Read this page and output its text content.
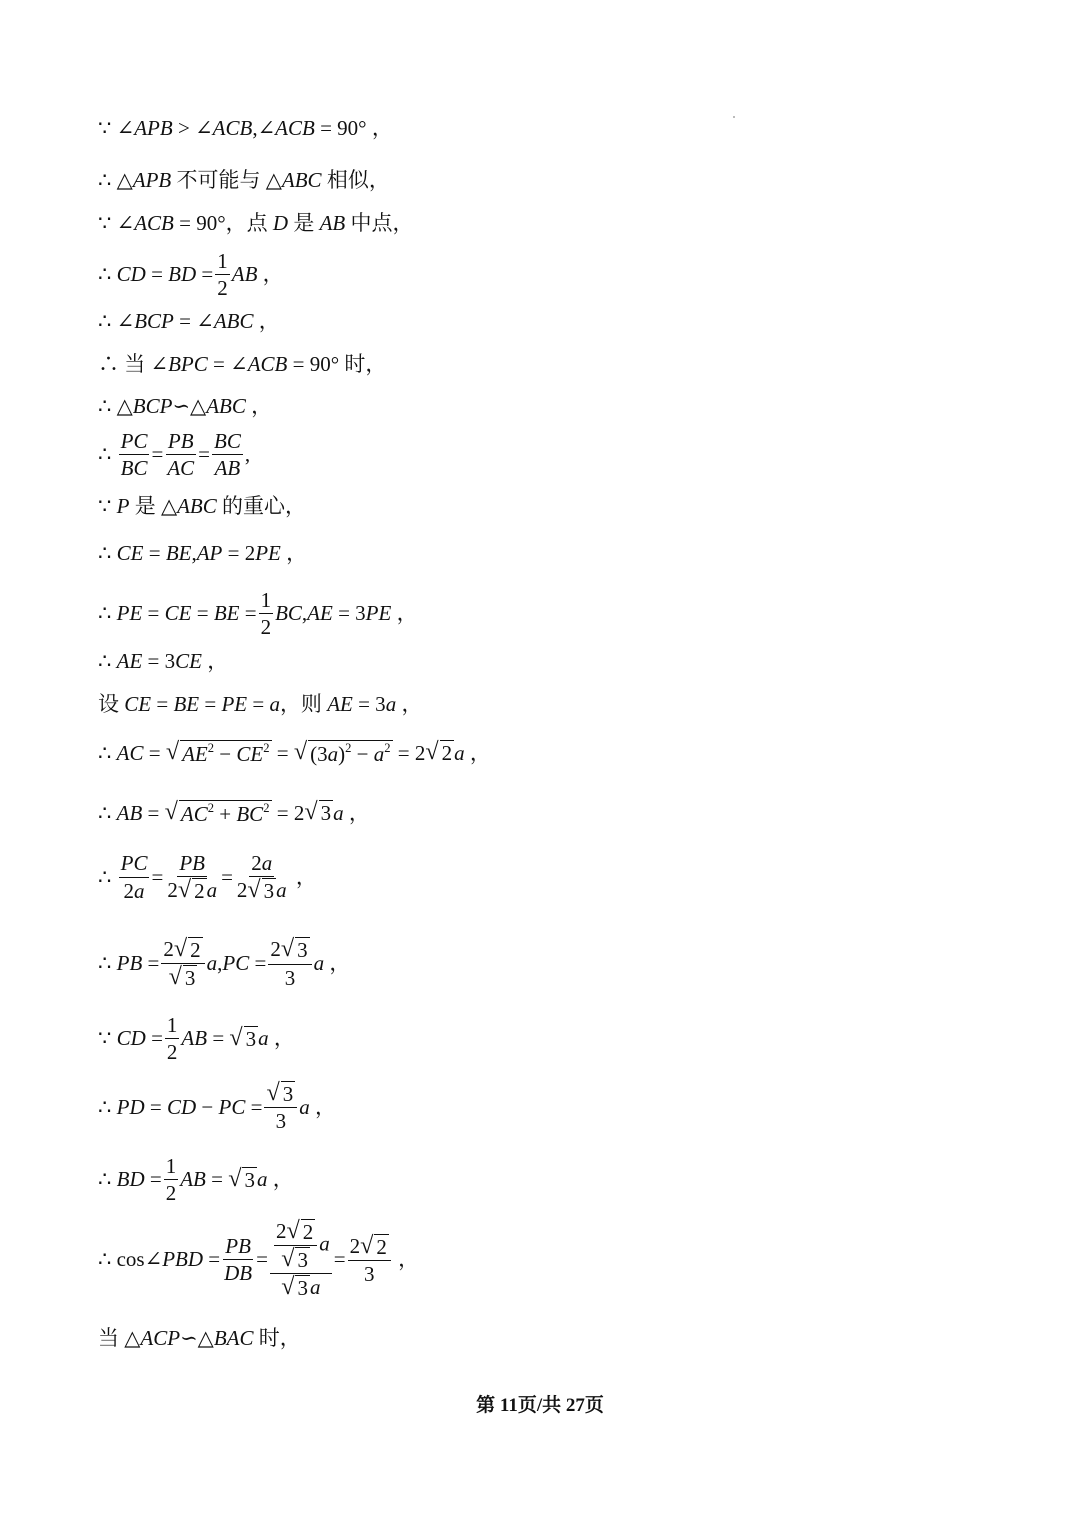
∵ ∠APB > ∠ACB , ∠ACB = 90° ，
∴ △ APB 不可能与 △ ABC 相似，
∵ ∠ACB = 90°，点 D 是 AB 中点，
∴ CD = BD = $\frac{1}{2}$ AB ，
∴ ∠BCP = ∠ABC ，
∴ 当 ∠BPC = ∠ACB = 90° 时，
∴ △ BCP ∽△ ABC ，
∴ $\frac{PC}{BC} = \frac{PB}{AC} = \frac{BC}{AB}$ ,
∵ P 是 △ ABC 的重心，
∴ CE = BE , AP = 2 PE ，
∴ PE = CE = BE = $\frac{1}{2}$ BC , AE = 3 PE ，
∴ AE = 3 CE ，
设 CE = BE = PE = a ，则 AE = 3 a ，
∴ AC = √ $AE^2 - CE^2$ = √ $(3a)^2 - a^2 = 2$ √ 2 a ，
∴ AB = √ $AC^2 + BC^2 = 2$ √ 3 a ，
∴ $\frac{PC}{2a} = \frac{PB}{2 √ 2 a} = \frac{2a}{2 √ 3 a}$ ，
∴ PB = $\frac{2 √ 2}{√ 3}$ a , PC = $\frac{2 √ 3}{3}$ a ，
∵ CD = $\frac{1}{2}$ AB = √ 3 a ，
∴ PD = CD − PC = $\frac{√ 3}{3}$ a ，
∴ BD = $\frac{1}{2}$ AB = √ 3 a ，
∴ cos ∠PBD = $\frac{PB}{DB} = \frac{\frac{2 √ 2}{√ 3} a}{√ 3 a} = \frac{2 √ 2}{3}$ ，
当 △ ACP ∽△ BAC 时，
第 11页/共 27页
